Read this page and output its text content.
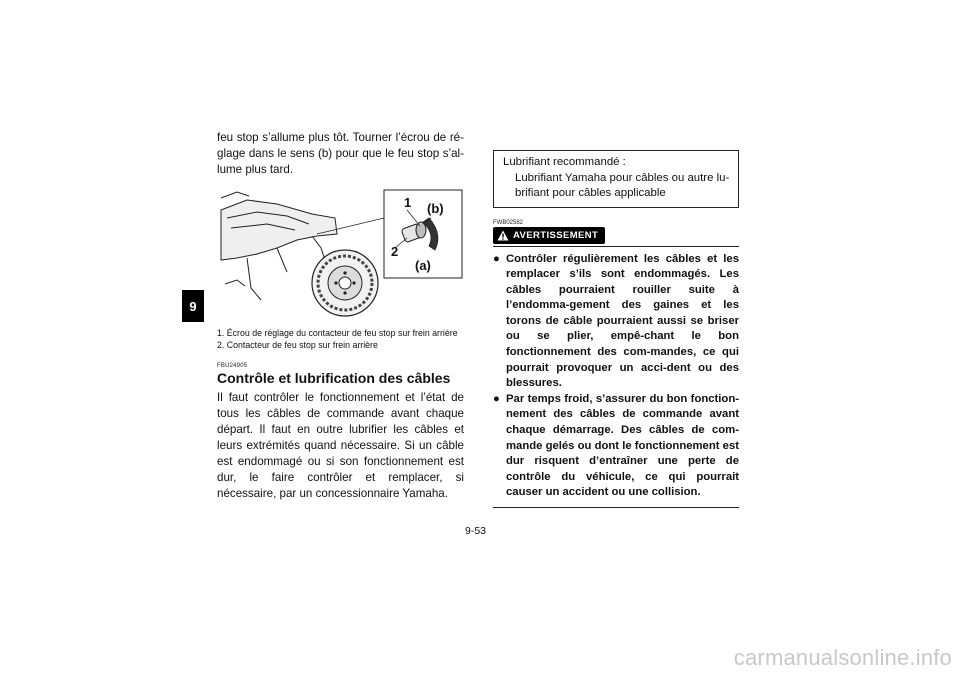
9

feu stop s’allume plus tôt. Tourner l’écrou de ré-glage dans le sens (b) pour que le feu stop s’al-lume plus tard.

1 (b)
2
(a)

1. Écrou de réglage du contacteur de feu stop sur frein arrière

2. Contacteur de feu stop sur frein arrière

FBU24905
Contrôle et lubrification des câbles

Il faut contrôler le fonctionnement et l’état de tous les câbles de commande avant chaque départ. Il faut en outre lubrifier les câbles et leurs extrémités quand nécessaire. Si un câble est endommagé ou si son fonctionnement est dur, le faire contrôler et remplacer, si nécessaire, par un concessionnaire Yamaha.

Lubrifiant recommandé :
Lubrifiant Yamaha pour câbles ou autre lu-brifiant pour câbles applicable
FWB02582
AVERTISSEMENT
● Contrôler régulièrement les câbles et les remplacer s’ils sont endommagés. Les câbles pourraient rouiller suite à l’endomma-gement des gaines et les torons de câble pourraient aussi se briser ou se plier, empê-chant le bon fonctionnement des com-mandes, ce qui pourrait provoquer un acci-dent ou des blessures.
● Par temps froid, s’assurer du bon fonction-nement des câbles de commande avant chaque démarrage. Des câbles de com-mande gelés ou dont le fonctionnement est dur risquent d’entraîner une perte de contrôle du véhicule, ce qui pourrait causer un accident ou une collision.
9-53
carmanualsonline.info
